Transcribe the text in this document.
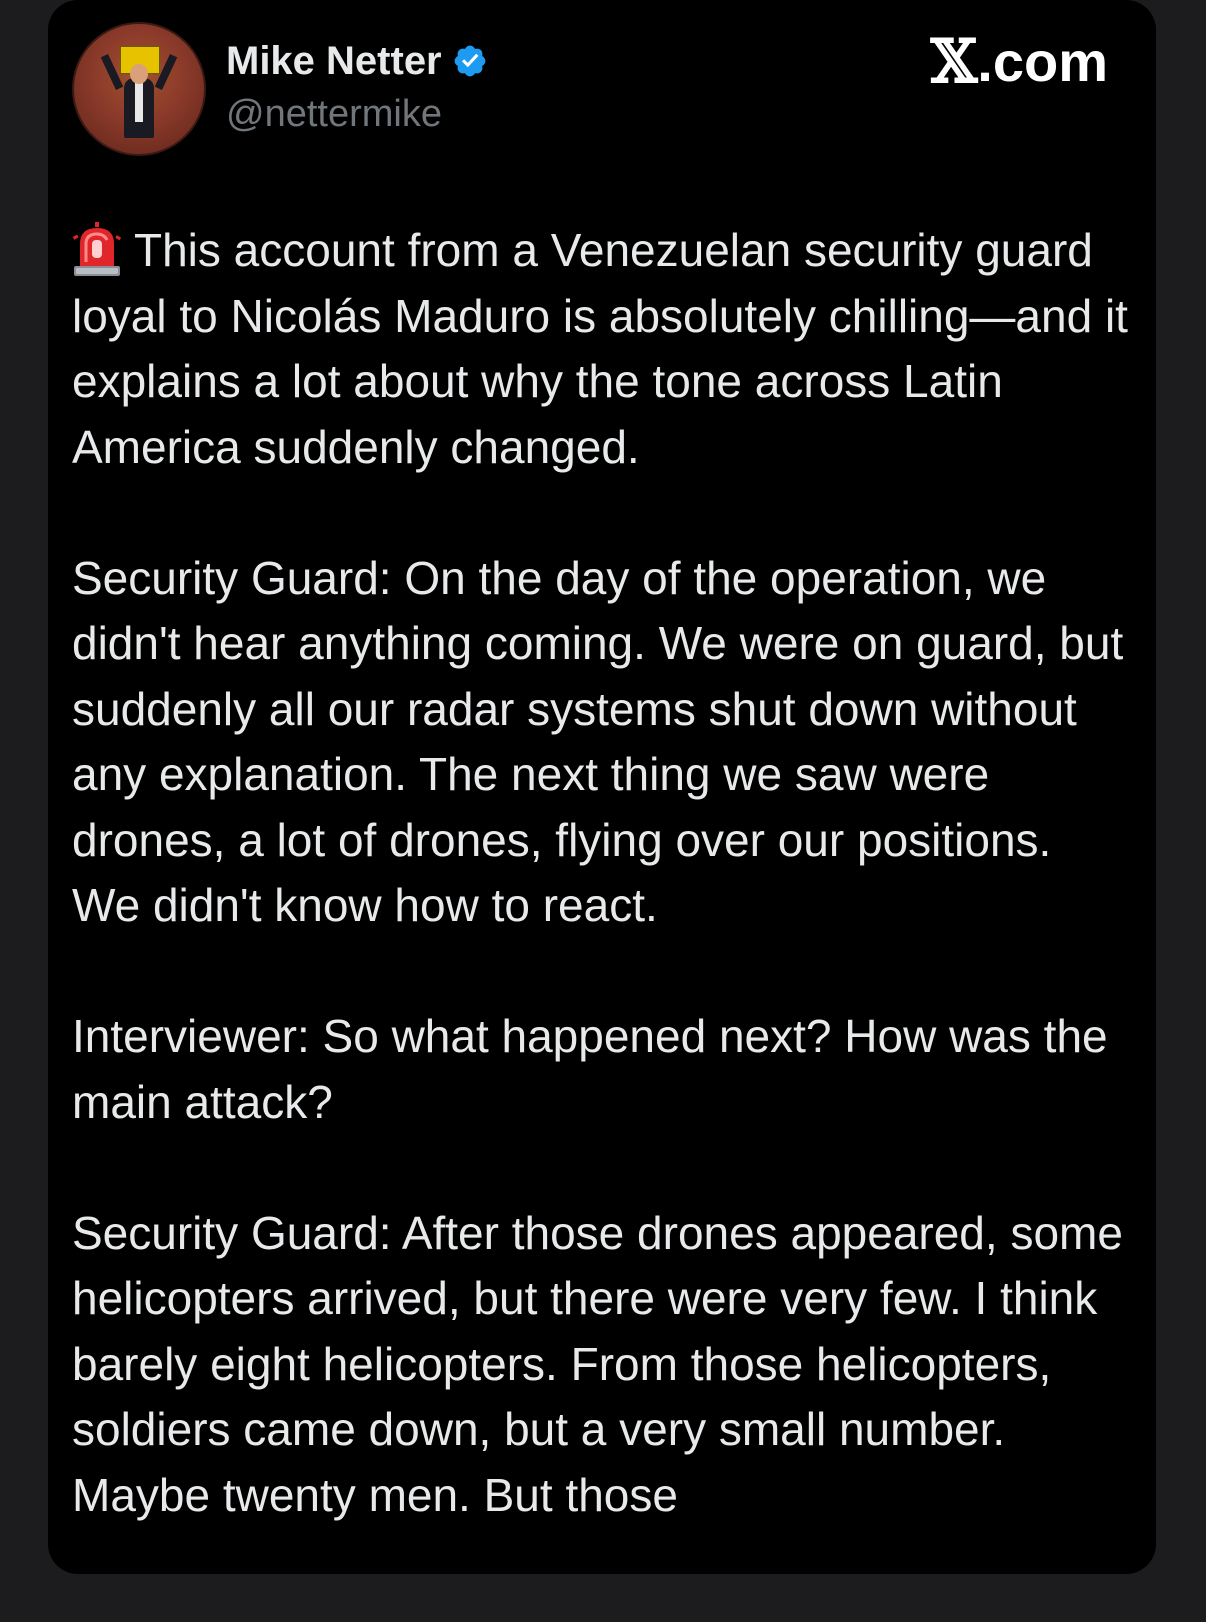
Mike Netter
@nettermike
𝕏 .com

This account from a Venezuelan security guard loyal to Nicolás Maduro is absolutely chilling—and it explains a lot about why the tone across Latin America suddenly changed.

Security Guard: On the day of the operation, we didn't hear anything coming. We were on guard, but suddenly all our radar systems shut down without any explanation. The next thing we saw were drones, a lot of drones, flying over our positions. We didn't know how to react.

Interviewer: So what happened next? How was the main attack?

Security Guard: After those drones appeared, some helicopters arrived, but there were very few. I think barely eight helicopters. From those helicopters, soldiers came down, but a very small number. Maybe twenty men. But those
